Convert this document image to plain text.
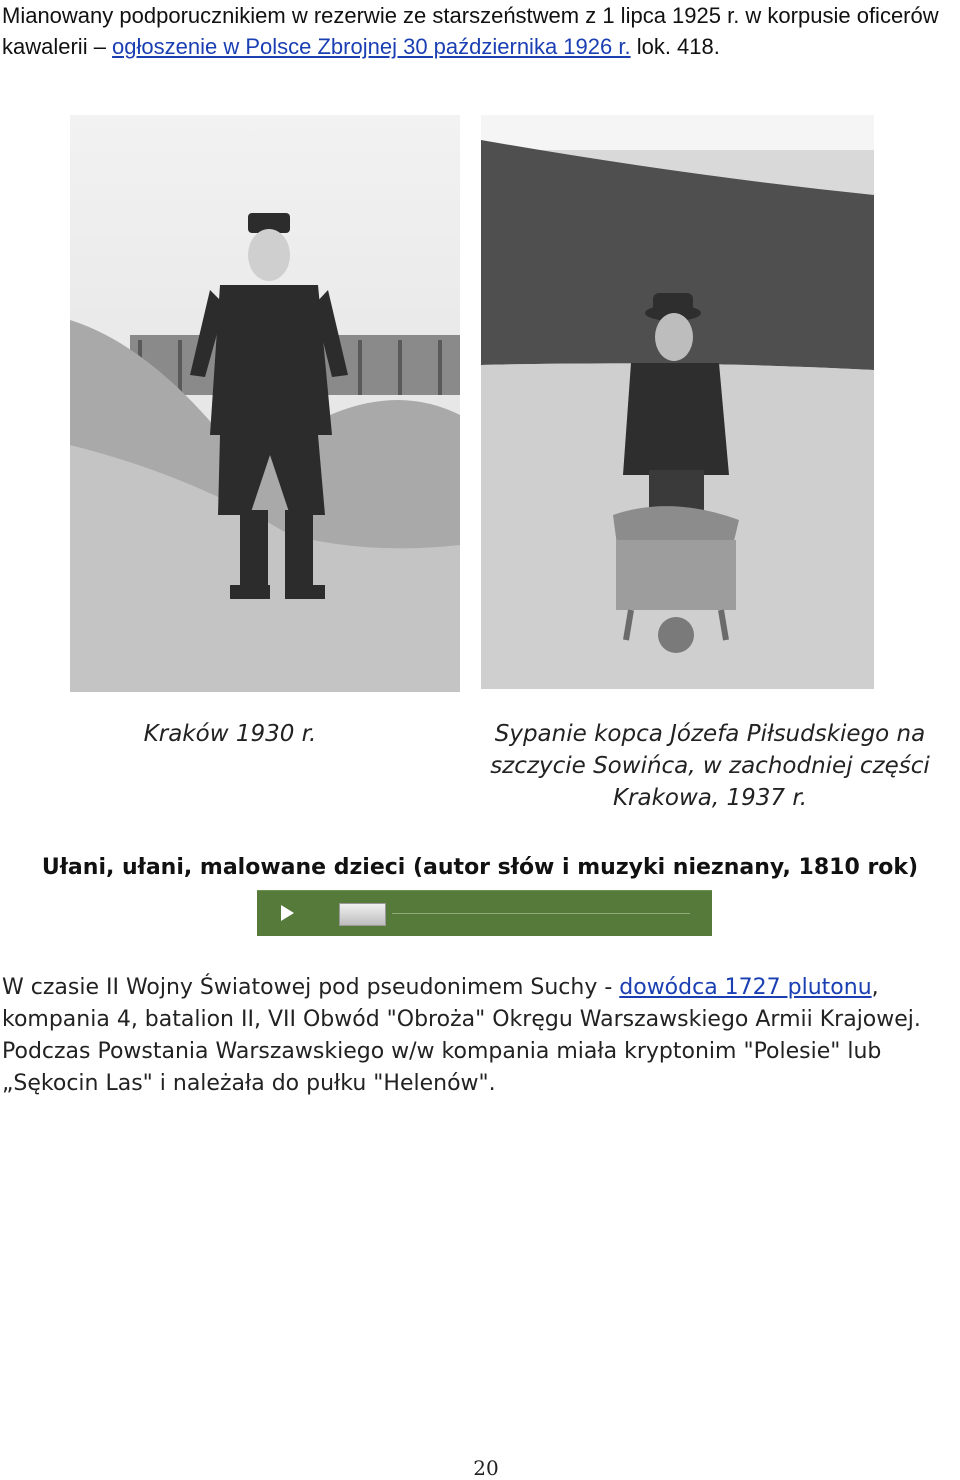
Mianowany podporucznikiem w rezerwie ze starszeństwem z 1 lipca 1925 r. w korpusie oficerów kawalerii – ogłoszenie w Polsce Zbrojnej 30 października 1926 r. lok. 418.

Kraków 1930 r.	Sypanie kopca Józefa Piłsudskiego na szczycie Sowińca, w zachodniej części Krakowa, 1937 r.
Ułani, ułani, malowane dzieci (autor słów i muzyki nieznany, 1810 rok)

W czasie II Wojny Światowej pod pseudonimem Suchy - dowódca 1727 plutonu, kompania 4, batalion II, VII Obwód "Obroża" Okręgu Warszawskiego Armii Krajowej. Podczas Powstania Warszawskiego w/w kompania miała kryptonim "Polesie" lub „Sękocin Las" i należała do pułku "Helenów".

20
